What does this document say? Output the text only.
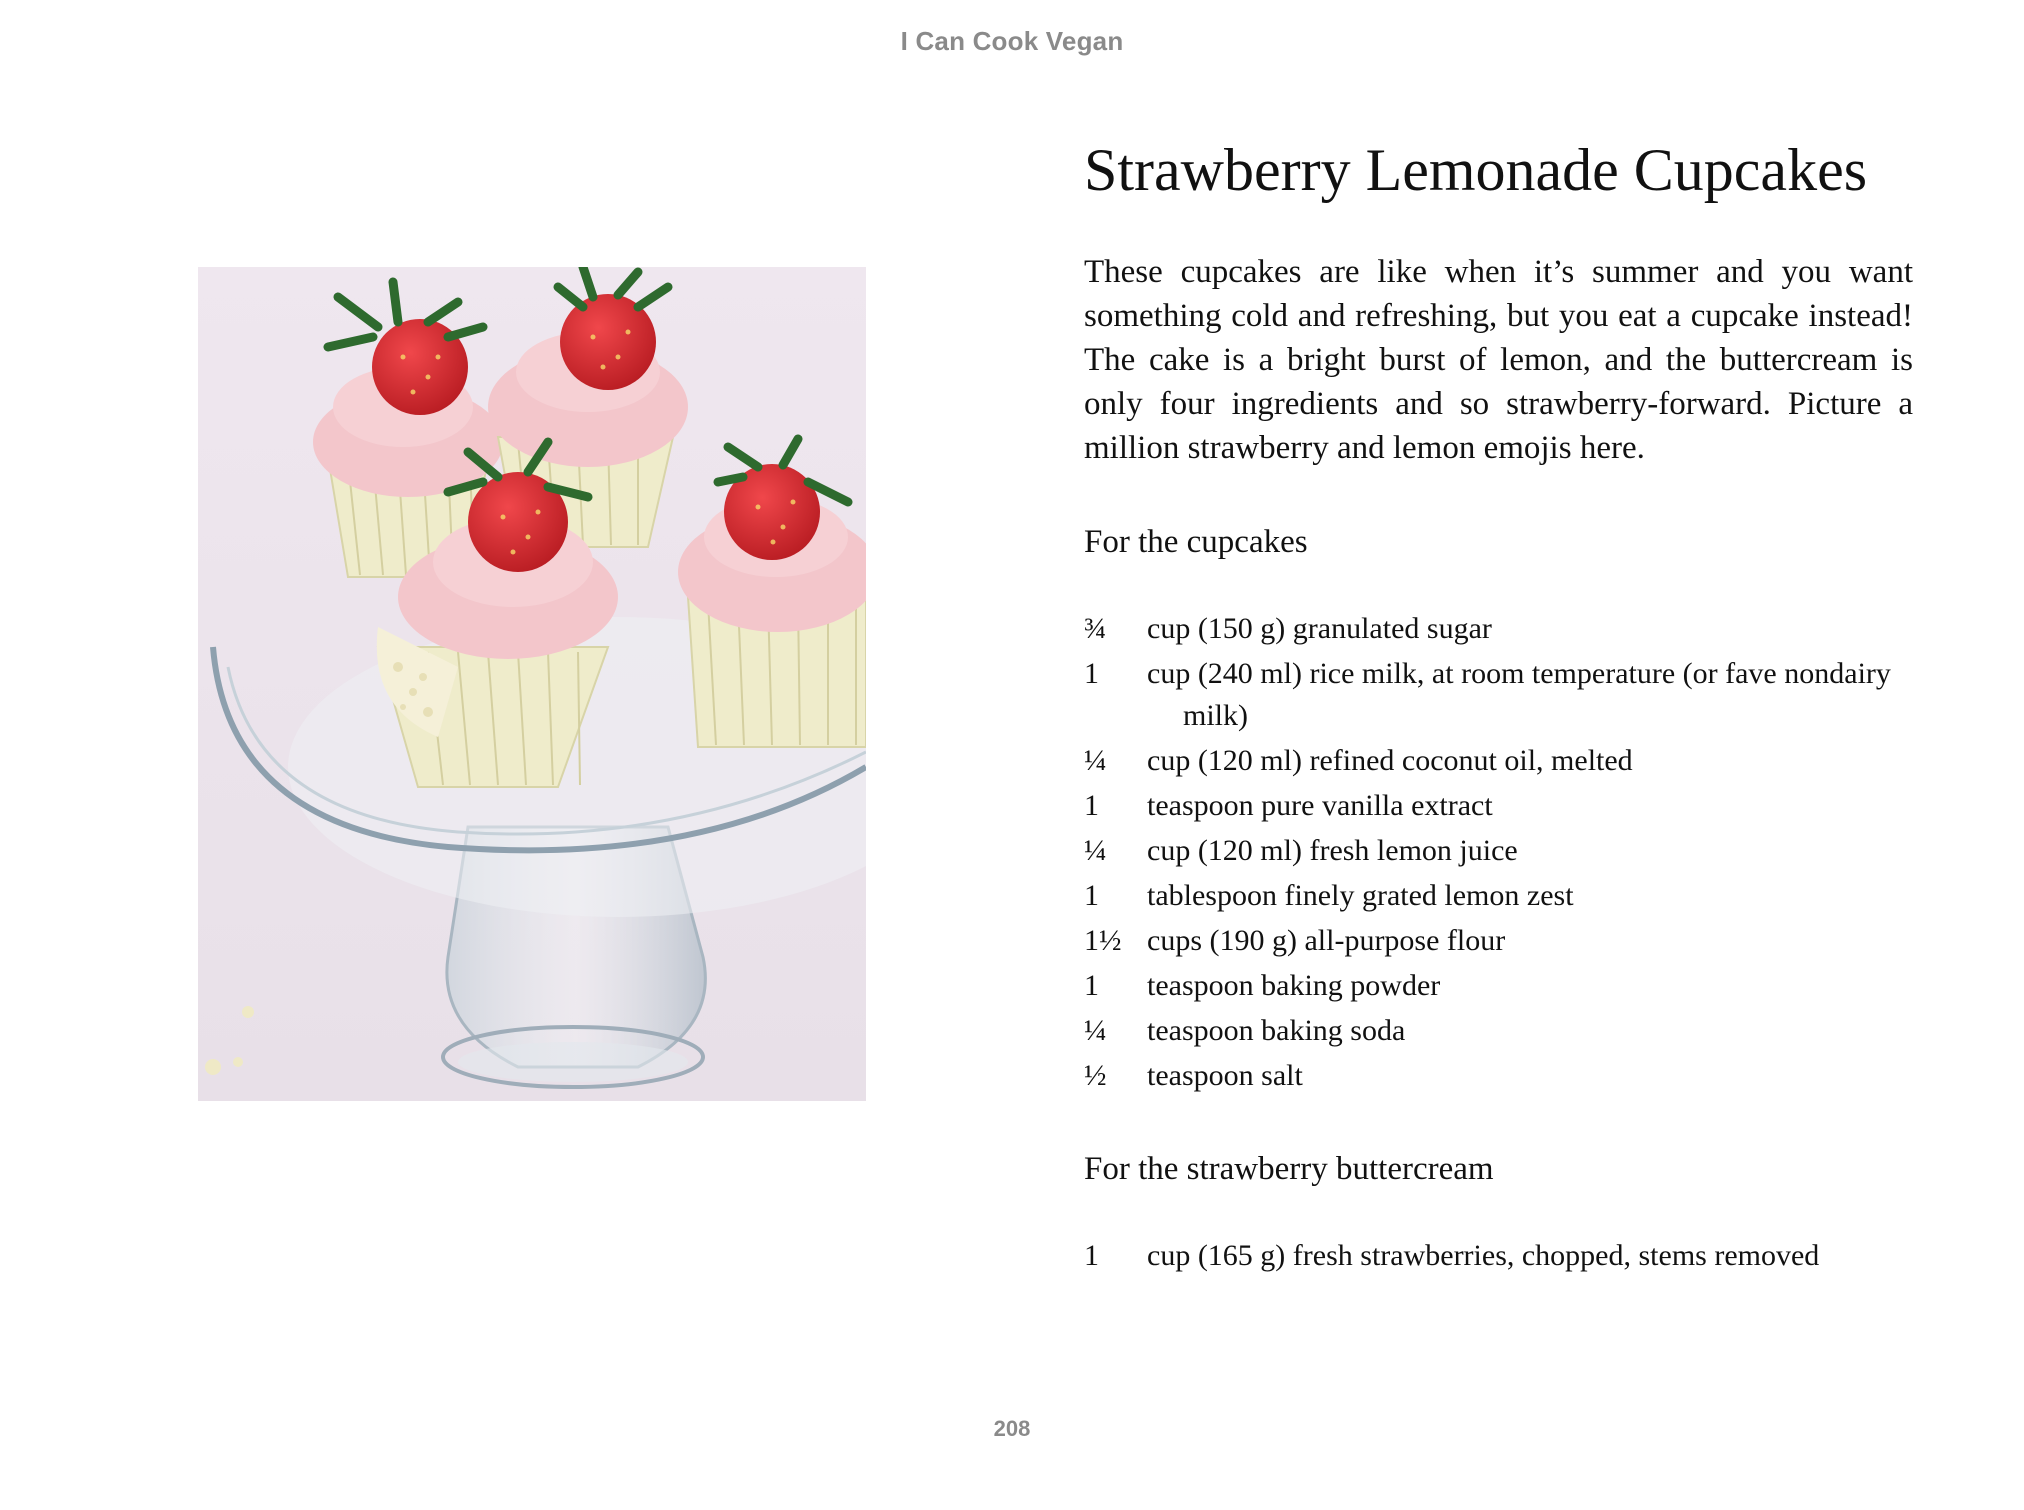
I Can Cook Vegan
Strawberry Lemonade Cupcakes

These cupcakes are like when it’s summer and you want something cold and refreshing, but you eat a cupcake instead! The cake is a bright burst of lemon, and the buttercream is only four ingredients and so strawberry-forward. Picture a million strawberry and lemon emojis here.

For the cupcakes
¾	cup (150 g) granulated sugar
1	cup (240 ml) rice milk, at room temperature (or fave nondairy milk)
¼	cup (120 ml) refined coconut oil, melted
1	teaspoon pure vanilla extract
¼	cup (120 ml) fresh lemon juice
1	tablespoon finely grated lemon zest
1½ cups (190 g) all-purpose flour
1	teaspoon baking powder
¼	teaspoon baking soda
½	teaspoon salt
For the strawberry buttercream
1	cup (165 g) fresh strawberries, chopped, stems removed
208
